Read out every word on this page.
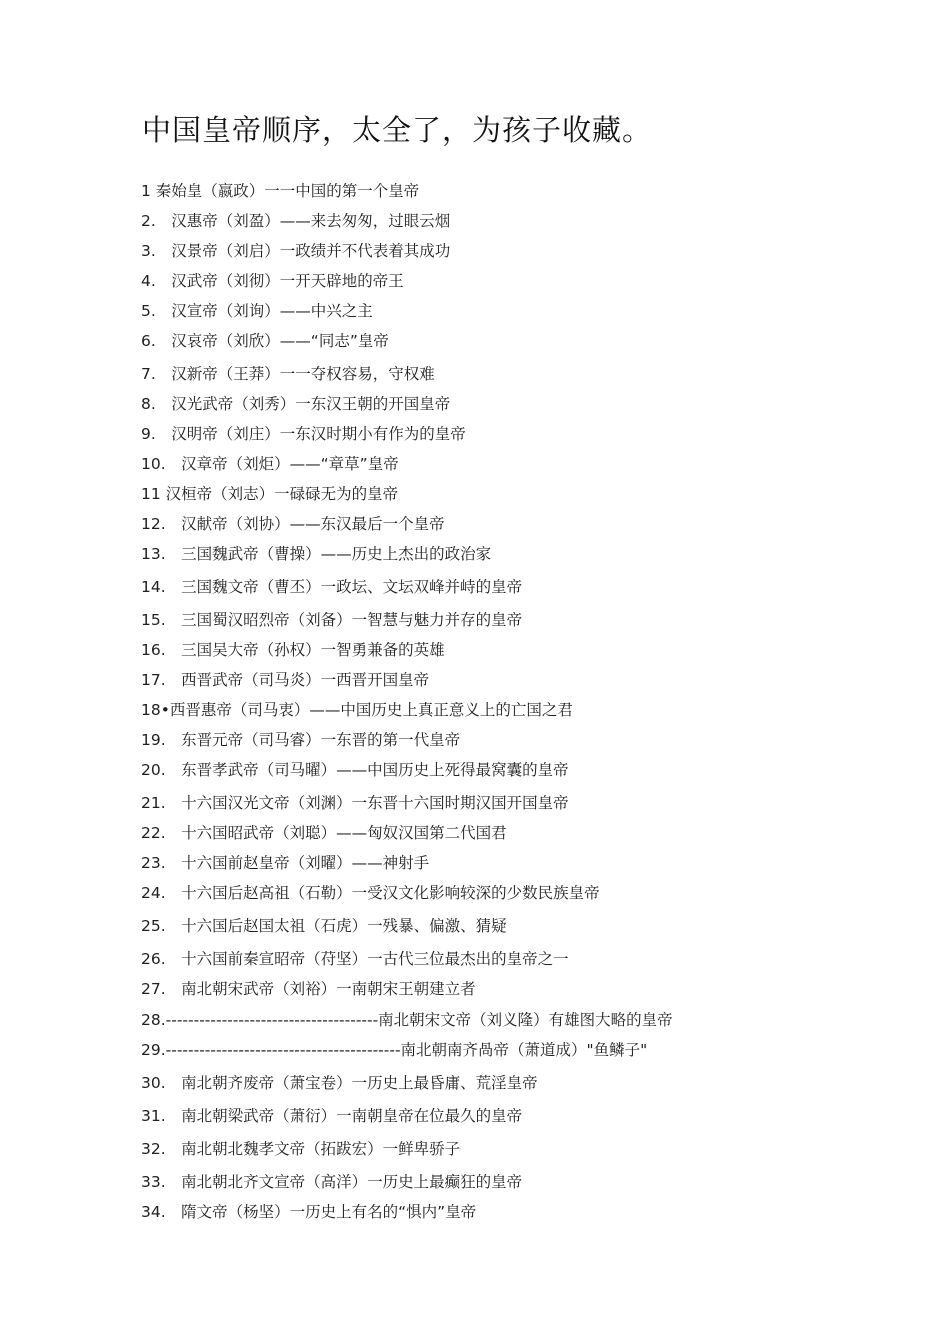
中国皇帝顺序，太全了，为孩子收藏。
1 秦始皇（嬴政）一一中国的第一个皇帝
2.　汉惠帝（刘盈）——来去匆匆，过眼云烟
3.　汉景帝（刘启）一政绩并不代表着其成功
4.　汉武帝（刘彻）一开天辟地的帝王
5.　汉宣帝（刘询）——中兴之主
6.　汉哀帝（刘欣）——“同志”皇帝
7.　汉新帝（王莽）一一夺权容易，守权难
8.　汉光武帝（刘秀）一东汉王朝的开国皇帝
9.　汉明帝（刘庄）一东汉时期小有作为的皇帝
10.　汉章帝（刘炬）——“章草”皇帝
11 汉桓帝（刘志）一碌碌无为的皇帝
12.　汉献帝（刘协）——东汉最后一个皇帝
13.　三国魏武帝（曹操）——历史上杰出的政治家
14.　三国魏文帝（曹丕）一政坛、文坛双峰并峙的皇帝
15.　三国蜀汉昭烈帝（刘备）一智慧与魅力并存的皇帝
16.　三国吴大帝（孙权）一智勇兼备的英雄
17.　西晋武帝（司马炎）一西晋开国皇帝
18•西晋惠帝（司马衷）——中国历史上真正意义上的亡国之君
19.　东晋元帝（司马睿）一东晋的第一代皇帝
20.　东晋孝武帝（司马曜）——中国历史上死得最窝囊的皇帝
21.　十六国汉光文帝（刘渊）一东晋十六国时期汉国开国皇帝
22.　十六国昭武帝（刘聪）——匈奴汉国第二代国君
23.　十六国前赵皇帝（刘曜）——神射手
24.　十六国后赵高祖（石勒）一受汉文化影响较深的少数民族皇帝
25.　十六国后赵国太祖（石虎）一残暴、偏激、猜疑
26.　十六国前秦宣昭帝（苻坚）一古代三位最杰出的皇帝之一
27.　南北朝宋武帝（刘裕）一南朝宋王朝建立者
28.--------------------------------------南北朝宋文帝（刘义隆）有雄图大略的皇帝
29.------------------------------------------南北朝南齐咼帝（萧道成）"鱼鳞子"
30.　南北朝齐废帝（萧宝卷）一历史上最昏庸、荒淫皇帝
31.　南北朝梁武帝（萧衍）一南朝皇帝在位最久的皇帝
32.　南北朝北魏孝文帝（拓跋宏）一鲜卑骄子
33.　南北朝北齐文宣帝（高洋）一历史上最癫狂的皇帝
34.　隋文帝（杨坚）一历史上有名的“惧内”皇帝
